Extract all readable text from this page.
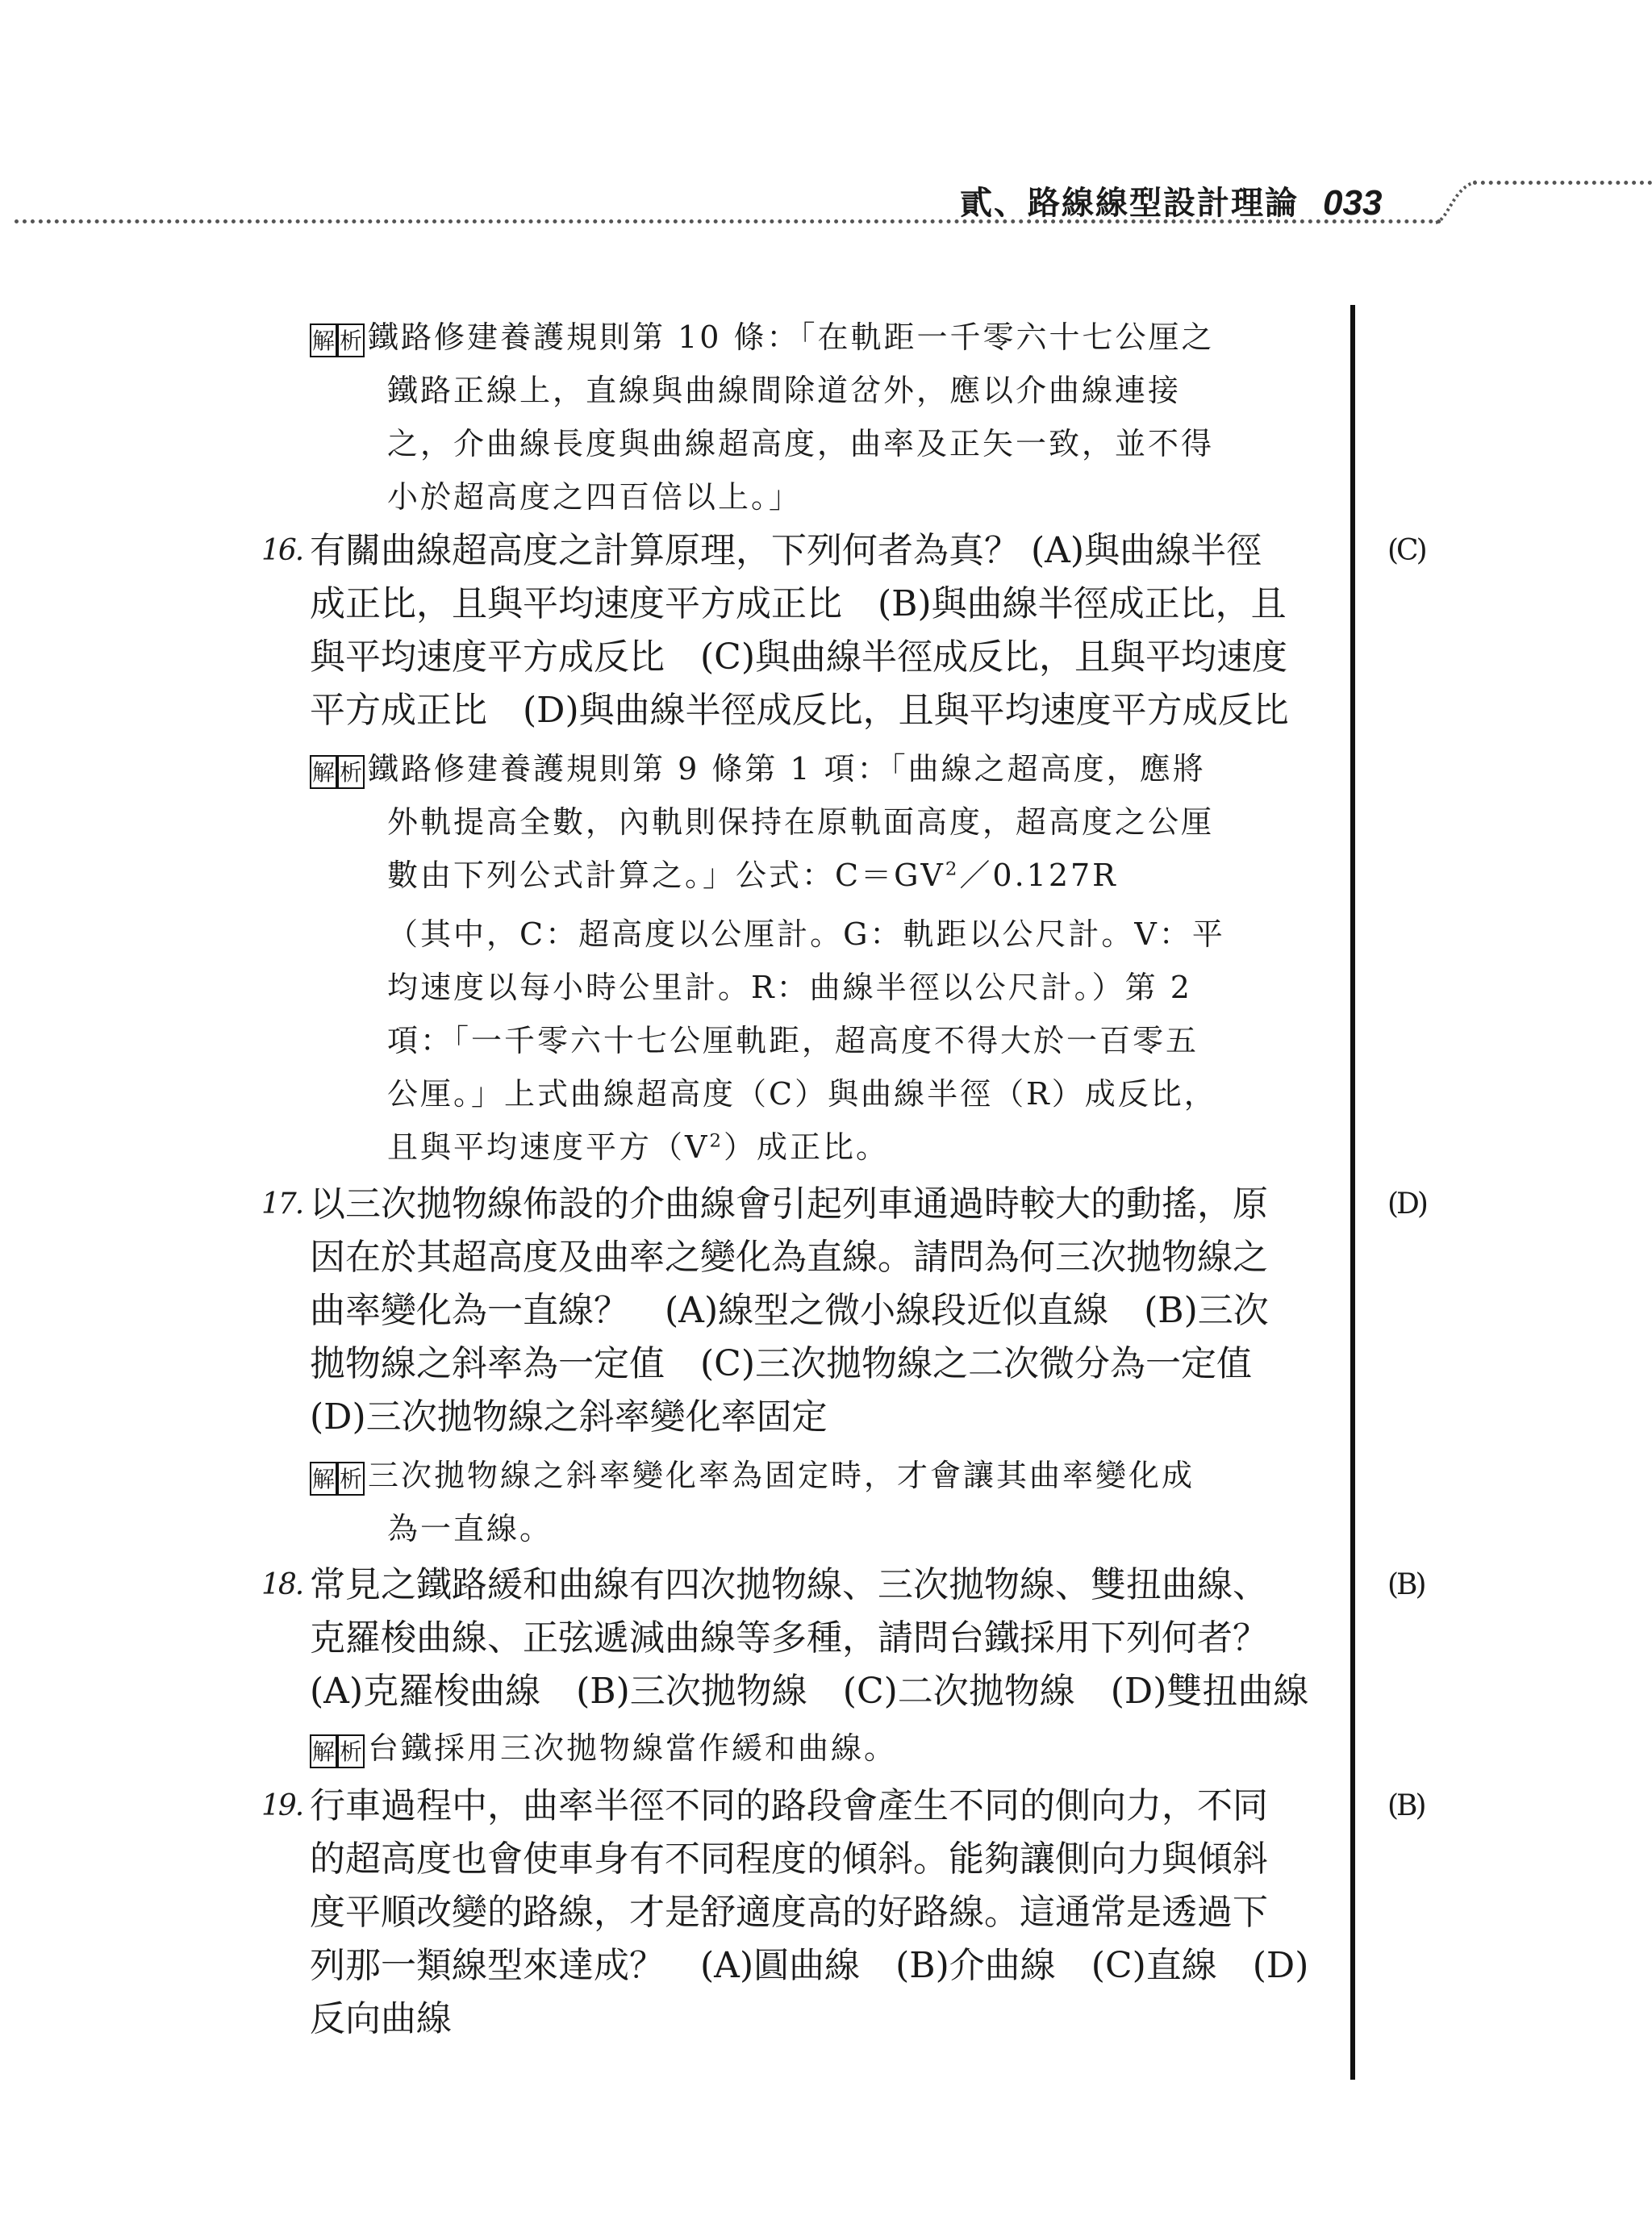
貳、路線線型設計理論 033
解 析 鐵路修建養護規則第 10 條：「在軌距一千零六十七公厘之
鐵路正線上，直線與曲線間除道岔外，應以介曲線連接
之，介曲線長度與曲線超高度，曲率及正矢一致，並不得
小於超高度之四百倍以上。」
16.	(C)
有關曲線超高度之計算原理，下列何者為真？ (A)與曲線半徑
成正比，且與平均速度平方成正比　(B)與曲線半徑成正比，且
與平均速度平方成反比　(C)與曲線半徑成反比，且與平均速度
平方成正比　(D)與曲線半徑成反比，且與平均速度平方成反比
解 析 鐵路修建養護規則第 9 條第 1 項：「曲線之超高度，應將
外軌提高全數，內軌則保持在原軌面高度，超高度之公厘
數由下列公式計算之。」公式：$C=GV^2/0.127R$
（其中，C：超高度以公厘計。G：軌距以公尺計。V：平
均速度以每小時公里計。R：曲線半徑以公尺計。）第 2
項：「一千零六十七公厘軌距，超高度不得大於一百零五
公厘。」上式曲線超高度（C）與曲線半徑（R）成反比，
且與平均速度平方$(V^2)$成正比。
17.	(D)
以三次拋物線佈設的介曲線會引起列車通過時較大的動搖，原
因在於其超高度及曲率之變化為直線。請問為何三次拋物線之
曲率變化為一直線？　(A)線型之微小線段近似直線　(B)三次
拋物線之斜率為一定值　(C)三次拋物線之二次微分為一定值
(D)三次拋物線之斜率變化率固定
解 析 三次拋物線之斜率變化率為固定時，才會讓其曲率變化成
為一直線。
18.	(B)
常見之鐵路緩和曲線有四次拋物線、三次拋物線、雙扭曲線、
克羅梭曲線、正弦遞減曲線等多種，請問台鐵採用下列何者？
(A)克羅梭曲線　(B)三次拋物線　(C)二次拋物線　(D)雙扭曲線
解 析 台鐵採用三次拋物線當作緩和曲線。
19.	(B)
行車過程中，曲率半徑不同的路段會產生不同的側向力，不同
的超高度也會使車身有不同程度的傾斜。能夠讓側向力與傾斜
度平順改變的路線，才是舒適度高的好路線。這通常是透過下
列那一類線型來達成？　(A)圓曲線　(B)介曲線　(C)直線　(D)
反向曲線
